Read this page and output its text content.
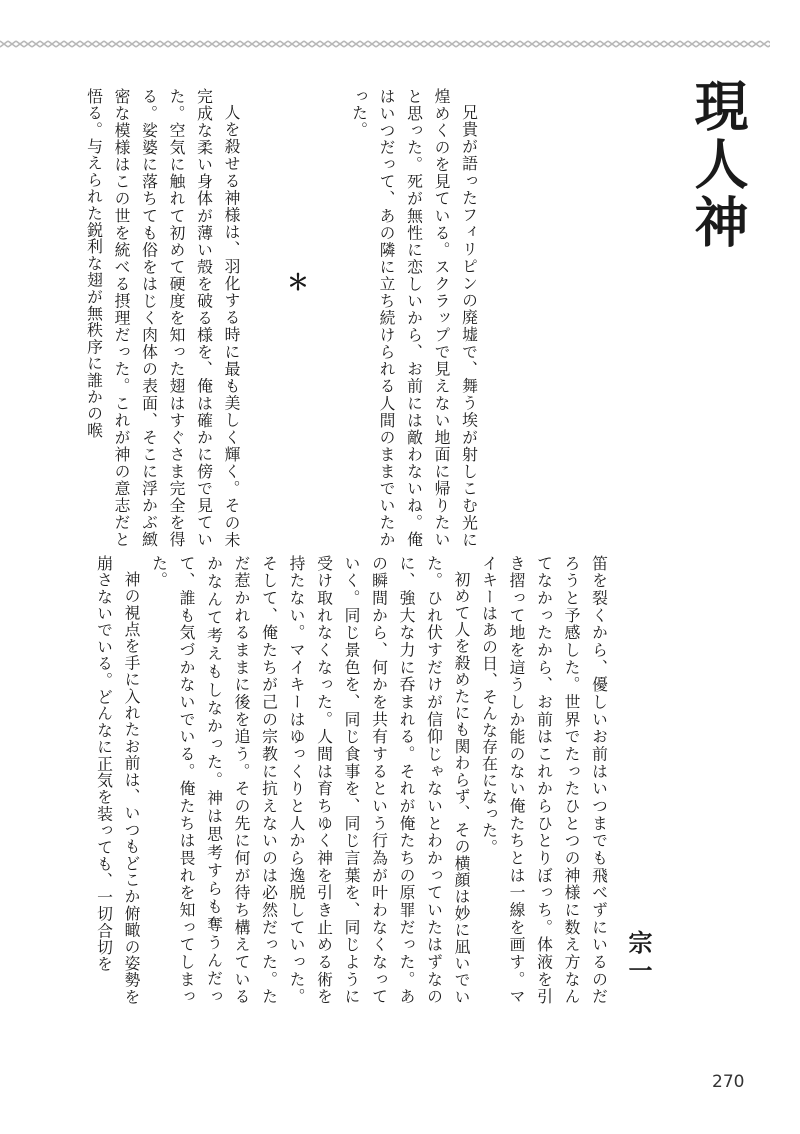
現人神
宗一

兄貴が語ったフィリピンの廃墟で、舞う埃が射しこむ光に煌めくのを見ている。スクラップで見えない地面に帰りたいと思った。死が無性に恋しいから、お前には敵わないね。俺はいつだって、あの隣に立ち続けられる人間のままでいたかった。

＊

人を殺せる神様は、羽化する時に最も美しく輝く。その未完成な柔い身体が薄い殻を破る様を、俺は確かに傍で見ていた。空気に触れて初めて硬度を知った翅はすぐさま完全を得る。娑婆に落ちても俗をはじく肉体の表面、そこに浮かぶ緻密な模様はこの世を統べる摂理だった。これが神の意志だと悟る。与えられた鋭利な翅が無秩序に誰かの喉

笛を裂くから、優しいお前はいつまでも飛べずにいるのだろうと予感した。世界でたったひとつの神様に数え方なんてなかったから、お前はこれからひとりぼっち。体液を引き摺って地を這うしか能のない俺たちとは一線を画す。マイキーはあの日、そんな存在になった。

初めて人を殺めたにも関わらず、その横顔は妙に凪いでいた。ひれ伏すだけが信仰じゃないとわかっていたはずなのに、強大な力に呑まれる。それが俺たちの原罪だった。あの瞬間から、何かを共有するという行為が叶わなくなっていく。同じ景色を、同じ食事を、同じ言葉を、同じように受け取れなくなった。人間は育ちゆく神を引き止める術を持たない。マイキーはゆっくりと人から逸脱していった。そして、俺たちが己の宗教に抗えないのは必然だった。ただ惹かれるままに後を追う。その先に何が待ち構えているかなんて考えもしなかった。神は思考すらも奪うんだって、誰も気づかないでいる。俺たちは畏れを知ってしまった。

神の視点を手に入れたお前は、いつもどこか俯瞰の姿勢を崩さないでいる。どんなに正気を装っても、一切合切を

270
